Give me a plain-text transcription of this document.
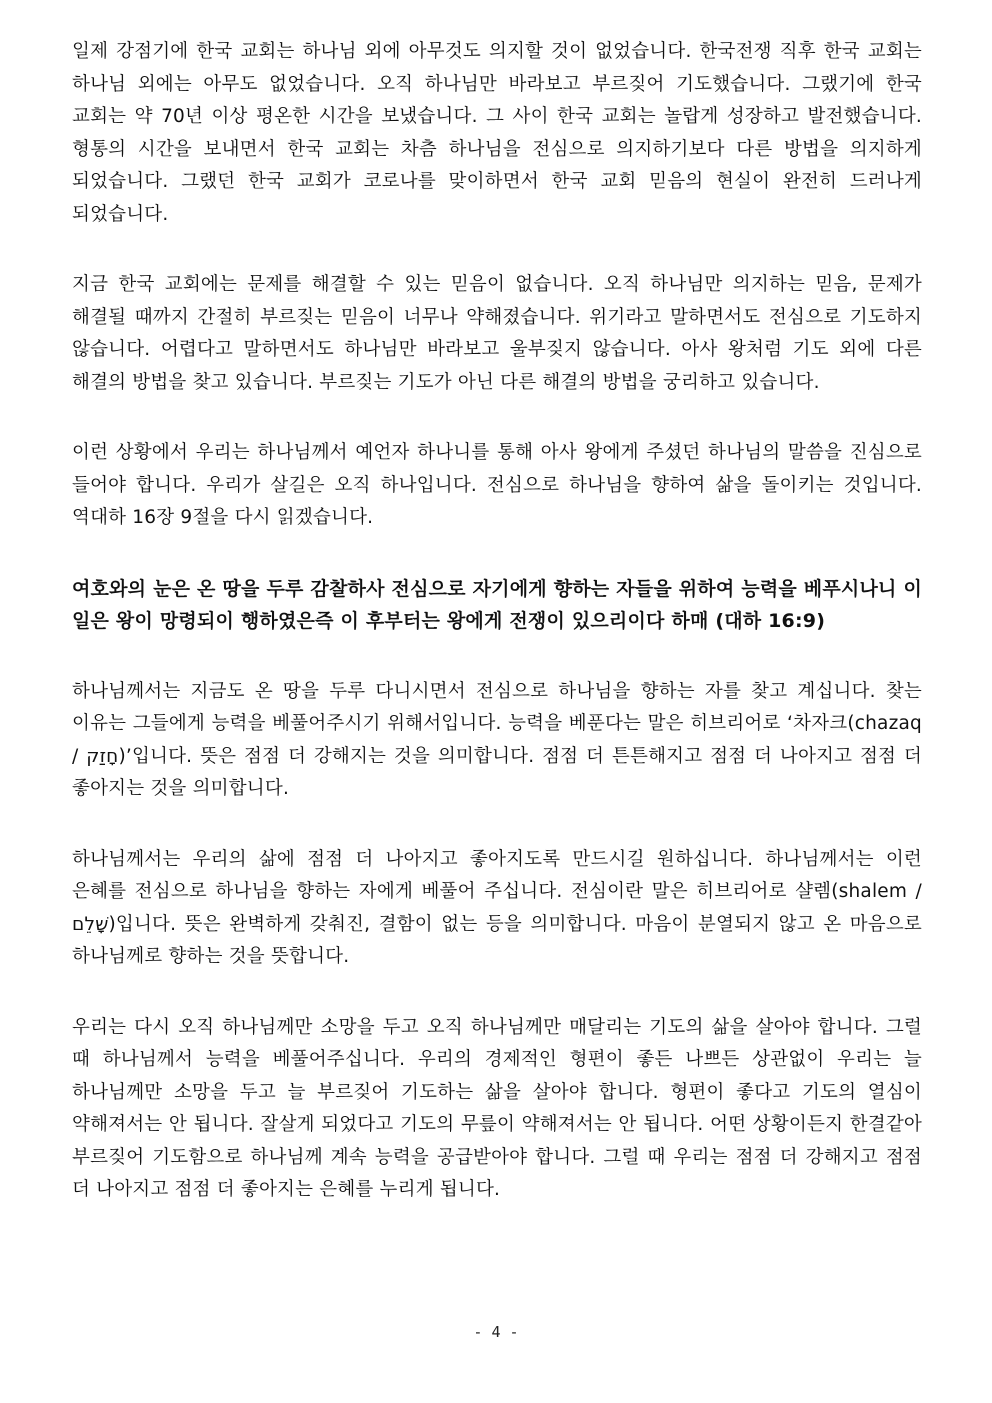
일제 강점기에 한국 교회는 하나님 외에 아무것도 의지할 것이 없었습니다. 한국전쟁 직후 한국 교회는 하나님 외에는 아무도 없었습니다. 오직 하나님만 바라보고 부르짖어 기도했습니다. 그랬기에 한국 교회는 약 70년 이상 평온한 시간을 보냈습니다. 그 사이 한국 교회는 놀랍게 성장하고 발전했습니다. 형통의 시간을 보내면서 한국 교회는 차츰 하나님을 전심으로 의지하기보다 다른 방법을 의지하게 되었습니다. 그랬던 한국 교회가 코로나를 맞이하면서 한국 교회 믿음의 현실이 완전히 드러나게 되었습니다.

지금 한국 교회에는 문제를 해결할 수 있는 믿음이 없습니다. 오직 하나님만 의지하는 믿음, 문제가 해결될 때까지 간절히 부르짖는 믿음이 너무나 약해졌습니다. 위기라고 말하면서도 전심으로 기도하지 않습니다. 어렵다고 말하면서도 하나님만 바라보고 울부짖지 않습니다. 아사 왕처럼 기도 외에 다른 해결의 방법을 찾고 있습니다. 부르짖는 기도가 아닌 다른 해결의 방법을 궁리하고 있습니다.

이런 상황에서 우리는 하나님께서 예언자 하나니를 통해 아사 왕에게 주셨던 하나님의 말씀을 진심으로 들어야 합니다. 우리가 살길은 오직 하나입니다. 전심으로 하나님을 향하여 삶을 돌이키는 것입니다. 역대하 16장 9절을 다시 읽겠습니다.

여호와의 눈은 온 땅을 두루 감찰하사 전심으로 자기에게 향하는 자들을 위하여 능력을 베푸시나니 이 일은 왕이 망령되이 행하였은즉 이 후부터는 왕에게 전쟁이 있으리이다 하매 (대하 16:9)

하나님께서는 지금도 온 땅을 두루 다니시면서 전심으로 하나님을 향하는 자를 찾고 계십니다. 찾는 이유는 그들에게 능력을 베풀어주시기 위해서입니다. 능력을 베푼다는 말은 히브리어로 ‘차자크(chazaq / חָזַק)’입니다. 뜻은 점점 더 강해지는 것을 의미합니다. 점점 더 튼튼해지고 점점 더 나아지고 점점 더 좋아지는 것을 의미합니다.

하나님께서는 우리의 삶에 점점 더 나아지고 좋아지도록 만드시길 원하십니다. 하나님께서는 이런 은혜를 전심으로 하나님을 향하는 자에게 베풀어 주십니다. 전심이란 말은 히브리어로 샬렘(shalem / שָׁלֵם)입니다. 뜻은 완벽하게 갖춰진, 결함이 없는 등을 의미합니다. 마음이 분열되지 않고 온 마음으로 하나님께로 향하는 것을 뜻합니다.

우리는 다시 오직 하나님께만 소망을 두고 오직 하나님께만 매달리는 기도의 삶을 살아야 합니다. 그럴 때 하나님께서 능력을 베풀어주십니다. 우리의 경제적인 형편이 좋든 나쁘든 상관없이 우리는 늘 하나님께만 소망을 두고 늘 부르짖어 기도하는 삶을 살아야 합니다. 형편이 좋다고 기도의 열심이 약해져서는 안 됩니다. 잘살게 되었다고 기도의 무릎이 약해져서는 안 됩니다. 어떤 상황이든지 한결같아 부르짖어 기도함으로 하나님께 계속 능력을 공급받아야 합니다. 그럴 때 우리는 점점 더 강해지고 점점 더 나아지고 점점 더 좋아지는 은혜를 누리게 됩니다.

- 4 -
